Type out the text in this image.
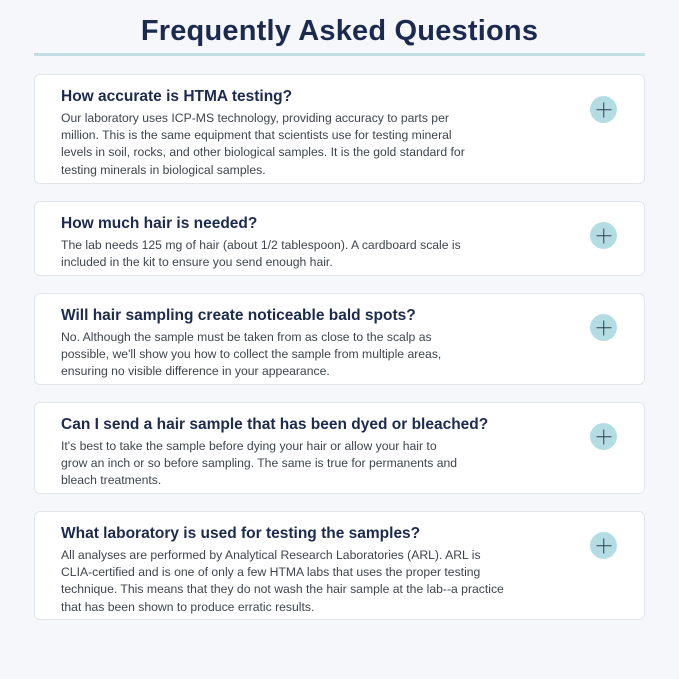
Frequently Asked Questions
How accurate is HTMA testing?
Our laboratory uses ICP-MS technology, providing accuracy to parts per million. This is the same equipment that scientists use for testing mineral levels in soil, rocks, and other biological samples. It is the gold standard for testing minerals in biological samples.
How much hair is needed?
The lab needs 125 mg of hair (about 1/2 tablespoon). A cardboard scale is included in the kit to ensure you send enough hair.
Will hair sampling create noticeable bald spots?
No. Although the sample must be taken from as close to the scalp as possible, we'll show you how to collect the sample from multiple areas, ensuring no visible difference in your appearance.
Can I send a hair sample that has been dyed or bleached?
It's best to take the sample before dying your hair or allow your hair to grow an inch or so before sampling. The same is true for permanents and bleach treatments.
What laboratory is used for testing the samples?
All analyses are performed by Analytical Research Laboratories (ARL). ARL is CLIA-certified and is one of only a few HTMA labs that uses the proper testing technique. This means that they do not wash the hair sample at the lab--a practice that has been shown to produce erratic results.
